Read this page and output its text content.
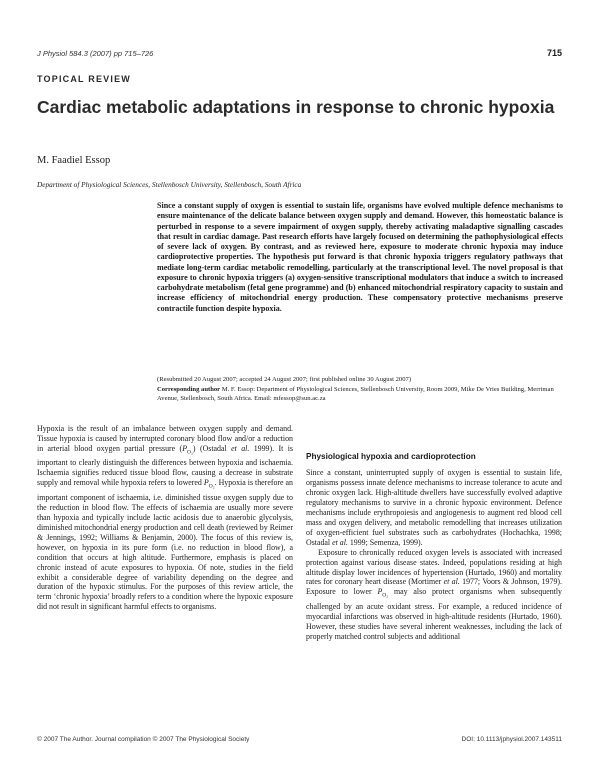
J Physiol 584.3 (2007) pp 715–726	715
TOPICAL REVIEW
Cardiac metabolic adaptations in response to chronic hypoxia
M. Faadiel Essop
Department of Physiological Sciences, Stellenbosch University, Stellenbosch, South Africa

Since a constant supply of oxygen is essential to sustain life, organisms have evolved multiple defence mechanisms to ensure maintenance of the delicate balance between oxygen supply and demand. However, this homeostatic balance is perturbed in response to a severe impairment of oxygen supply, thereby activating maladaptive signalling cascades that result in cardiac damage. Past research efforts have largely focused on determining the pathophysiological effects of severe lack of oxygen. By contrast, and as reviewed here, exposure to moderate chronic hypoxia may induce cardioprotective properties. The hypothesis put forward is that chronic hypoxia triggers regulatory pathways that mediate long-term cardiac metabolic remodelling, particularly at the transcriptional level. The novel proposal is that exposure to chronic hypoxia triggers (a) oxygen-sensitive transcriptional modulators that induce a switch to increased carbohydrate metabolism (fetal gene programme) and (b) enhanced mitochondrial respiratory capacity to sustain and increase efficiency of mitochondrial energy production. These compensatory protective mechanisms preserve contractile function despite hypoxia.

(Resubmitted 20 August 2007; accepted 24 August 2007; first published online 30 August 2007)
Corresponding author M. F. Essop: Department of Physiological Sciences, Stellenbosch University, Room 2009, Mike De Vries Building, Merriman Avenue, Stellenbosch, South Africa. Email: mfessop@sun.ac.za

Hypoxia is the result of an imbalance between oxygen supply and demand. Tissue hypoxia is caused by interrupted coronary blood flow and/or a reduction in arterial blood oxygen partial pressure $(P_{O_2})$ (Ostadal et al. 1999). It is important to clearly distinguish the differences between hypoxia and ischaemia. Ischaemia signifies reduced tissue blood flow, causing a decrease in substrate supply and removal while hypoxia refers to lowered $P_{O_2}$. Hypoxia is therefore an important component of ischaemia, i.e. diminished tissue oxygen supply due to the reduction in blood flow. The effects of ischaemia are usually more severe than hypoxia and typically include lactic acidosis due to anaerobic glycolysis, diminished mitochondrial energy production and cell death (reviewed by Reimer & Jennings, 1992; Williams & Benjamin, 2000). The focus of this review is, however, on hypoxia in its pure form (i.e. no reduction in blood flow), a condition that occurs at high altitude. Furthermore, emphasis is placed on chronic instead of acute exposures to hypoxia. Of note, studies in the field exhibit a considerable degree of variability depending on the degree and duration of the hypoxic stimulus. For the purposes of this review article, the term ‘chronic hypoxia’ broadly refers to a condition where the hypoxic exposure did not result in significant harmful effects to organisms.

Physiological hypoxia and cardioprotection

Since a constant, uninterrupted supply of oxygen is essential to sustain life, organisms possess innate defence mechanisms to increase tolerance to acute and chronic oxygen lack. High-altitude dwellers have successfully evolved adaptive regulatory mechanisms to survive in a chronic hypoxic environment. Defence mechanisms include erythropoiesis and angiogenesis to augment red blood cell mass and oxygen delivery, and metabolic remodelling that increases utilization of oxygen-efficient fuel substrates such as carbohydrates (Hochachka, 1998; Ostadal et al. 1999; Semenza, 1999).

Exposure to chronically reduced oxygen levels is associated with increased protection against various disease states. Indeed, populations residing at high altitude display lower incidences of hypertension (Hurtado, 1960) and mortality rates for coronary heart disease (Mortimer et al. 1977; Voors & Johnson, 1979). Exposure to lower $P_{O_2}$ may also protect organisms when subsequently challenged by an acute oxidant stress. For example, a reduced incidence of myocardial infarctions was observed in high-altitude residents (Hurtado, 1960). However, these studies have several inherent weaknesses, including the lack of properly matched control subjects and additional

© 2007 The Author. Journal compilation © 2007 The Physiological Society	DOI: 10.1113/jphysiol.2007.143511
